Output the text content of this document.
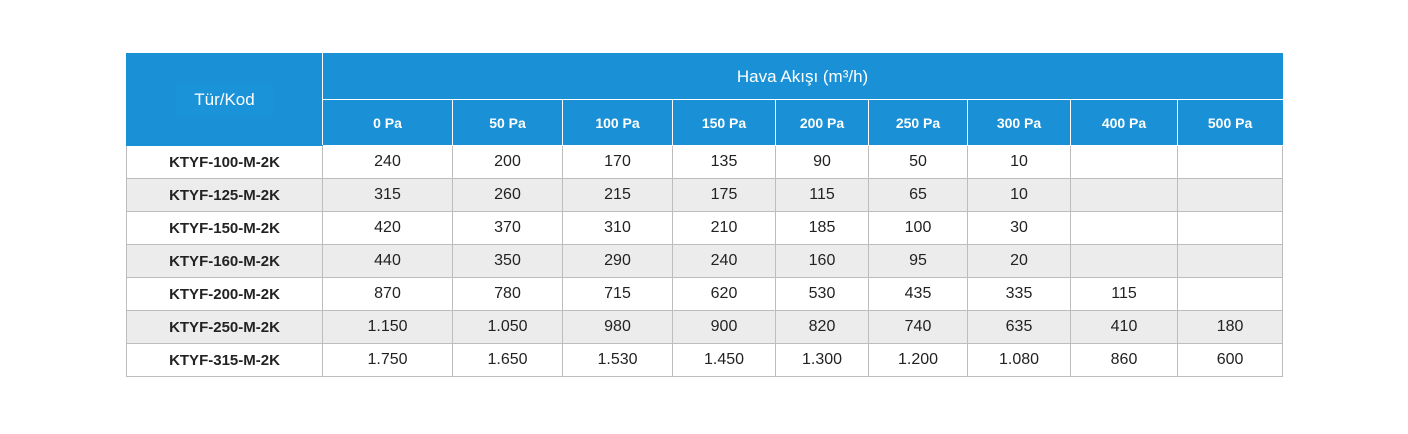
Tür/Kod	Hava Akışı (m³/h)								
	0 Pa	50 Pa	100 Pa	150 Pa	200 Pa	250 Pa	300 Pa	400 Pa	500 Pa
KTYF-100-M-2K	240	200	170	135	90	50	10		
KTYF-125-M-2K	315	260	215	175	115	65	10		
KTYF-150-M-2K	420	370	310	210	185	100	30		
KTYF-160-M-2K	440	350	290	240	160	95	20		
KTYF-200-M-2K	870	780	715	620	530	435	335	115	
KTYF-250-M-2K	1.150	1.050	980	900	820	740	635	410	180
KTYF-315-M-2K	1.750	1.650	1.530	1.450	1.300	1.200	1.080	860	600
